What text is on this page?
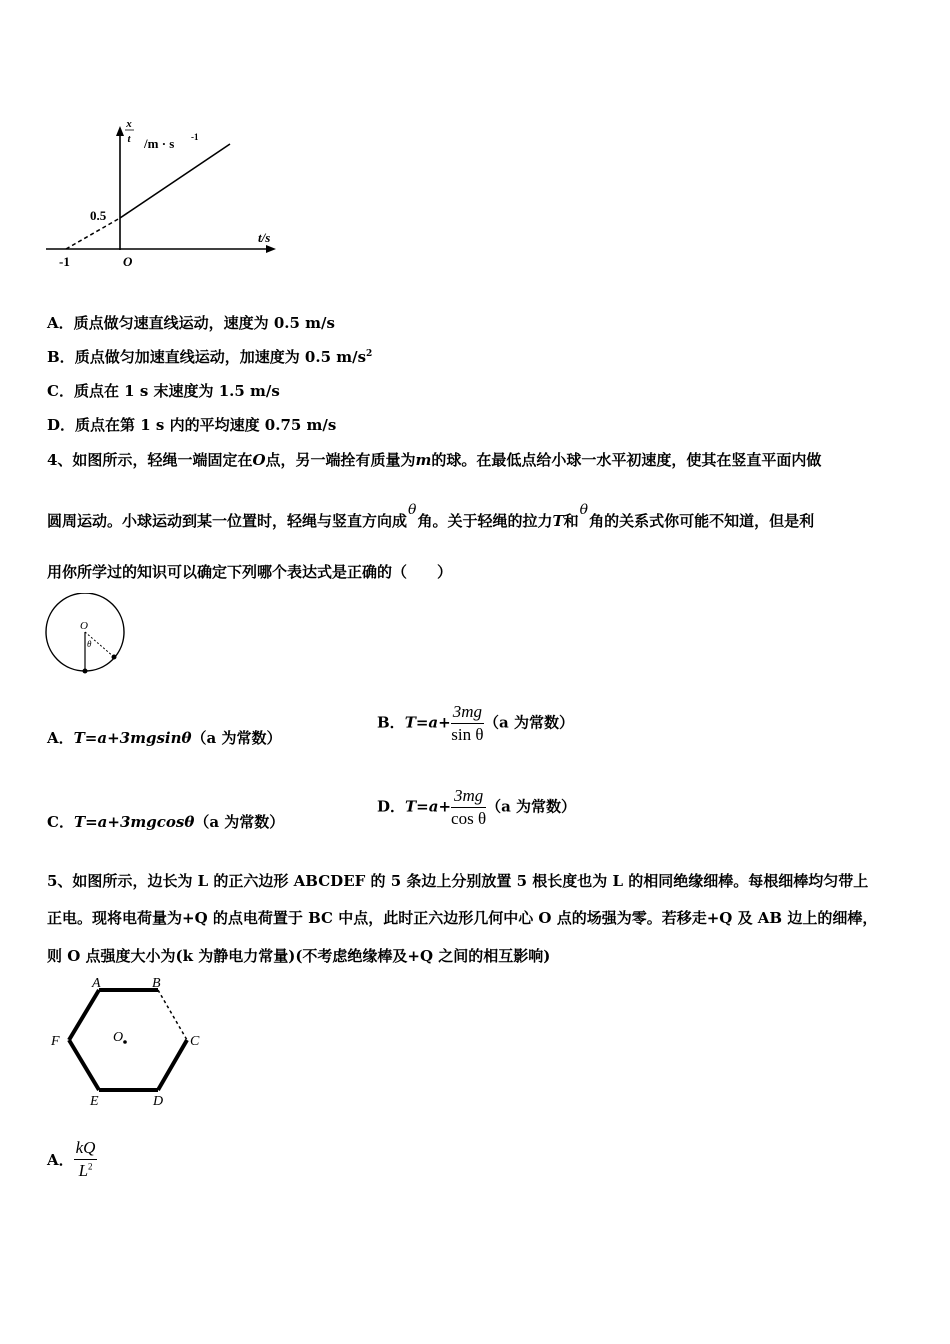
x
t /m · s -1
t/s
0.5
-1	O
A．质点做匀速直线运动，速度为 0.5 m/s
B．质点做匀加速直线运动，加速度为 0.5 $m/s^2$
C．质点在 1 s 末速度为 1.5 m/s
D．质点在第 1 s 内的平均速度 0.75 m/s
4、如图所示，轻绳一端固定在O点，另一端拴有质量为m的球。在最低点给小球一水平初速度，使其在竖直平面内做
圆周运动。小球运动到某一位置时，轻绳与竖直方向成θ角。关于轻绳的拉力T和θ角的关系式你可能不知道，但是利
用你所学过的知识可以确定下列哪个表达式是正确的（　　）
O
θ
A．T=a+3mgsinθ（a 为常数）
B．$T=a+ \frac{3mg}{\text{sin θ}} (a$ 为常数）
C．T=a+3mgcosθ（a 为常数）
D．$T=a+ \frac{3mg}{\text{cos θ}} (a$ 为常数）
5、如图所示，边长为 L 的正六边形 ABCDEF 的 5 条边上分别放置 5 根长度也为 L 的相同绝缘细棒。每根细棒均匀带上
正电。现将电荷量为+Q 的点电荷置于 BC 中点，此时正六边形几何中心 O 点的场强为零。若移走+Q 及 AB 边上的细棒，
则 O 点强度大小为(k 为静电力常量)(不考虑绝缘棒及+Q 之间的相互影响)
A	B
C
D
E
F	O
A． $\frac{kQ}{L^2}$
